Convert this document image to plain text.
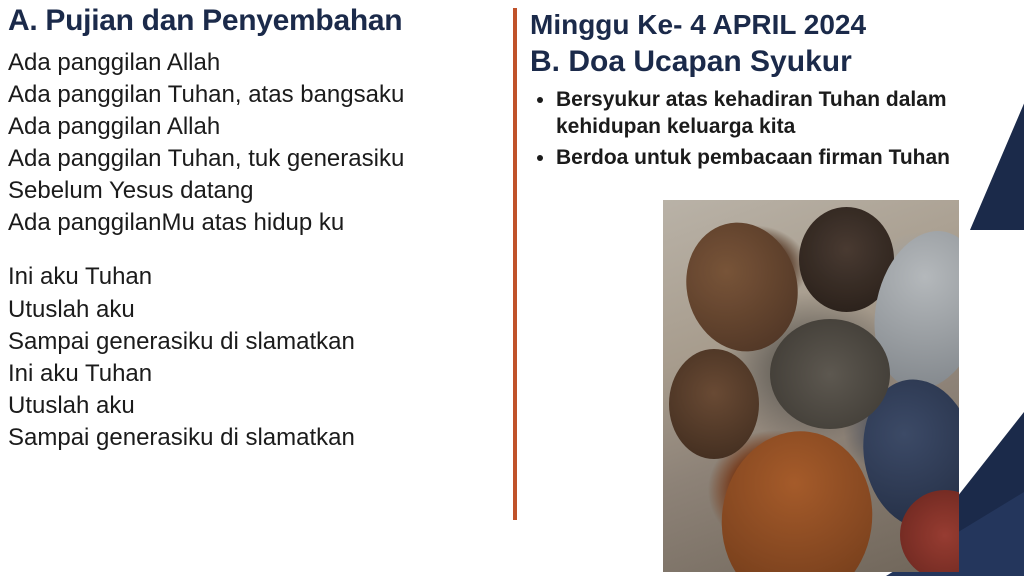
A. Pujian dan Penyembahan
Ada panggilan Allah
Ada panggilan Tuhan, atas bangsaku
Ada panggilan Allah
Ada panggilan Tuhan, tuk generasiku
Sebelum Yesus datang
Ada panggilanMu atas hidup ku
Ini aku Tuhan
Utuslah aku
Sampai generasiku di slamatkan
Ini aku Tuhan
Utuslah aku
Sampai generasiku di slamatkan
Minggu Ke- 4 APRIL 2024
B. Doa Ucapan Syukur
• Bersyukur atas kehadiran Tuhan dalam kehidupan keluarga kita
• Berdoa untuk pembacaan firman Tuhan
